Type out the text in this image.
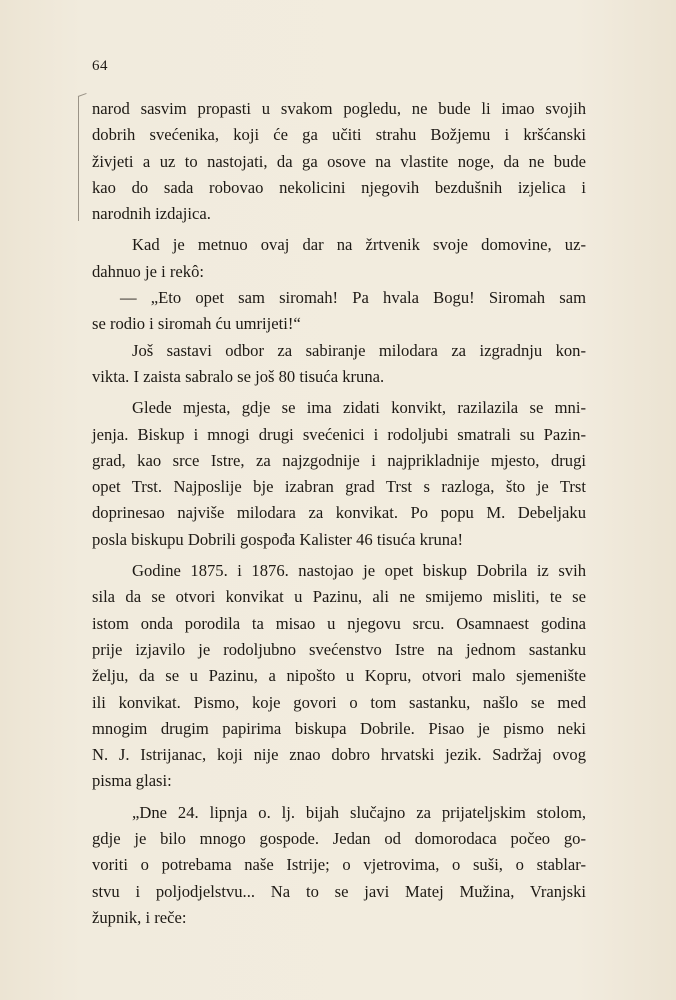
64
narod sasvim propasti u svakom pogledu, ne bude li imao svojih
dobrih svećenika, koji će ga učiti strahu Božjemu i kršćanski
živjeti a uz to nastojati, da ga osove na vlastite noge, da ne bude
kao do sada robovao nekolicini njegovih bezdušnih izjelica i
narodnih izdajica.
Kad je metnuo ovaj dar na žrtvenik svoje domovine, uz-
dahnuo je i rekô:
— „Eto opet sam siromah! Pa hvala Bogu! Siromah sam
se rodio i siromah ću umrijeti!“
Još sastavi odbor za sabiranje milodara za izgradnju kon-
vikta. I zaista sabralo se još 80 tisuća kruna.
Glede mjesta, gdje se ima zidati konvikt, razilazila se mni-
jenja. Biskup i mnogi drugi svećenici i rodoljubi smatrali su Pazin-
grad, kao srce Istre, za najzgodnije i najprikladnije mjesto, drugi
opet Trst. Najposlije bje izabran grad Trst s razloga, što je Trst
doprinesao najviše milodara za konvikat. Po popu M. Debeljaku
posla biskupu Dobrili gospođa Kalister 46 tisuća kruna!
Godine 1875. i 1876. nastojao je opet biskup Dobrila iz svih
sila da se otvori konvikat u Pazinu, ali ne smijemo misliti, te se
istom onda porodila ta misao u njegovu srcu. Osamnaest godina
prije izjavilo je rodoljubno svećenstvo Istre na jednom sastanku
želju, da se u Pazinu, a nipošto u Kopru, otvori malo sjemenište
ili konvikat. Pismo, koje govori o tom sastanku, našlo se med
mnogim drugim papirima biskupa Dobrile. Pisao je pismo neki
N. J. Istrijanac, koji nije znao dobro hrvatski jezik. Sadržaj ovog
pisma glasi:
„Dne 24. lipnja o. lj. bijah slučajno za prijateljskim stolom,
gdje je bilo mnogo gospode. Jedan od domorodaca počeo go-
voriti o potrebama naše Istrije; o vjetrovima, o suši, o stablar-
stvu i poljodjelstvu... Na to se javi Matej Mužina, Vranjski
župnik, i reče:
